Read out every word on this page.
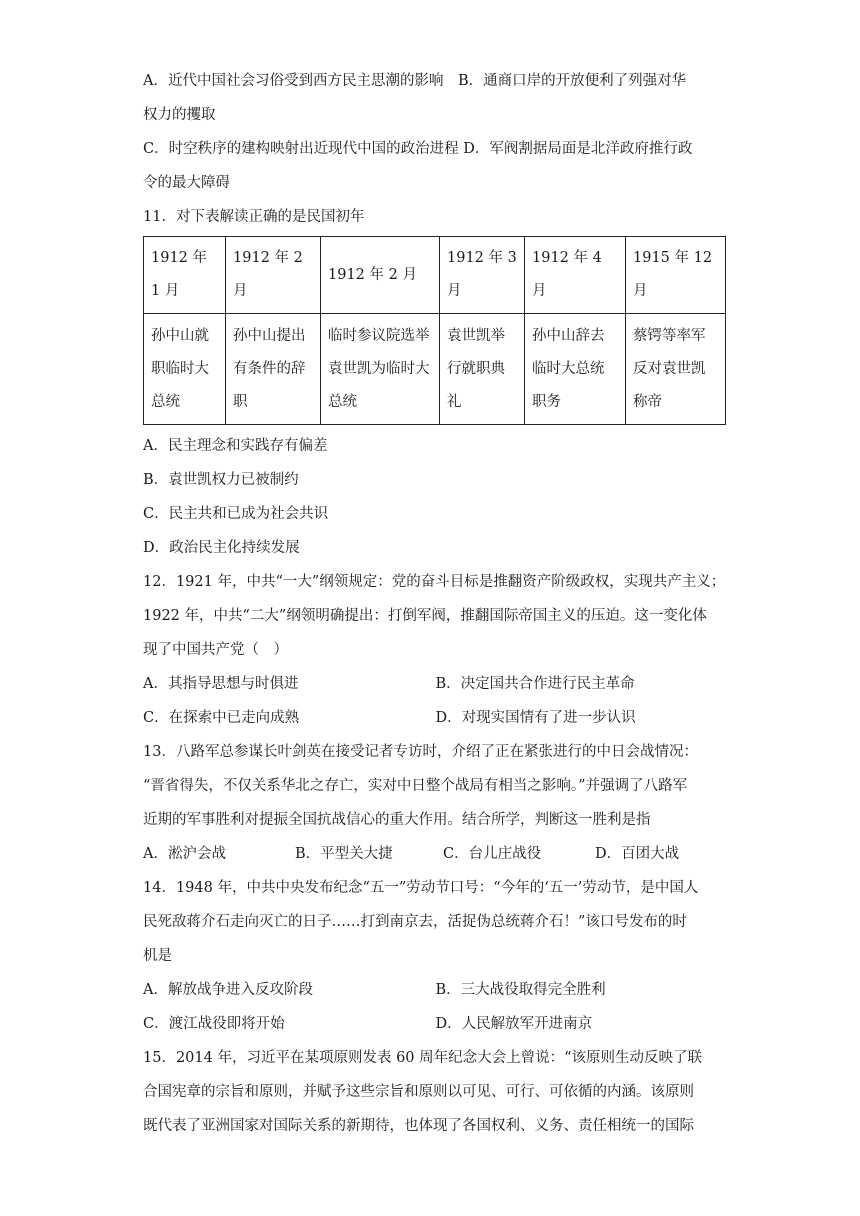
A．近代中国社会习俗受到西方民主思潮的影响　B．通商口岸的开放便利了列强对华
权力的攫取
C．时空秩序的建构映射出近现代中国的政治进程 D．军阀割据局面是北洋政府推行政
令的最大障碍
11．对下表解读正确的是民国初年
1912 年 1 月	1912 年 2 月	1912 年 2 月	1912 年 3 月	1912 年 4 月	1915 年 12 月
孙中山就职临时大总统	孙中山提出有条件的辞职	临时参议院选举袁世凯为临时大总统	袁世凯举行就职典礼	孙中山辞去临时大总统职务	蔡锷等率军反对袁世凯称帝
A．民主理念和实践存有偏差
B．袁世凯权力已被制约
C．民主共和已成为社会共识
D．政治民主化持续发展
12．1921 年，中共“一大”纲领规定：党的奋斗目标是推翻资产阶级政权，实现共产主义；
1922 年，中共“二大”纲领明确提出：打倒军阀，推翻国际帝国主义的压迫。这一变化体
现了中国共产党（　）
A．其指导思想与时俱进	B．决定国共合作进行民主革命
C．在探索中已走向成熟	D．对现实国情有了进一步认识
13．八路军总参谋长叶剑英在接受记者专访时，介绍了正在紧张进行的中日会战情况：
“晋省得失，不仅关系华北之存亡，实对中日整个战局有相当之影响。”并强调了八路军
近期的军事胜利对提振全国抗战信心的重大作用。结合所学，判断这一胜利是指
A．淞沪会战	B．平型关大捷	C．台儿庄战役	D．百团大战
14．1948 年，中共中央发布纪念“五一”劳动节口号：“今年的‘五一’劳动节，是中国人
民死敌蒋介石走向灭亡的日子……打到南京去，活捉伪总统蒋介石！”该口号发布的时
机是
A．解放战争进入反攻阶段	B．三大战役取得完全胜利
C．渡江战役即将开始	D．人民解放军开进南京
15．2014 年，习近平在某项原则发表 60 周年纪念大会上曾说：“该原则生动反映了联
合国宪章的宗旨和原则，并赋予这些宗旨和原则以可见、可行、可依循的内涵。该原则
既代表了亚洲国家对国际关系的新期待，也体现了各国权利、义务、责任相统一的国际
